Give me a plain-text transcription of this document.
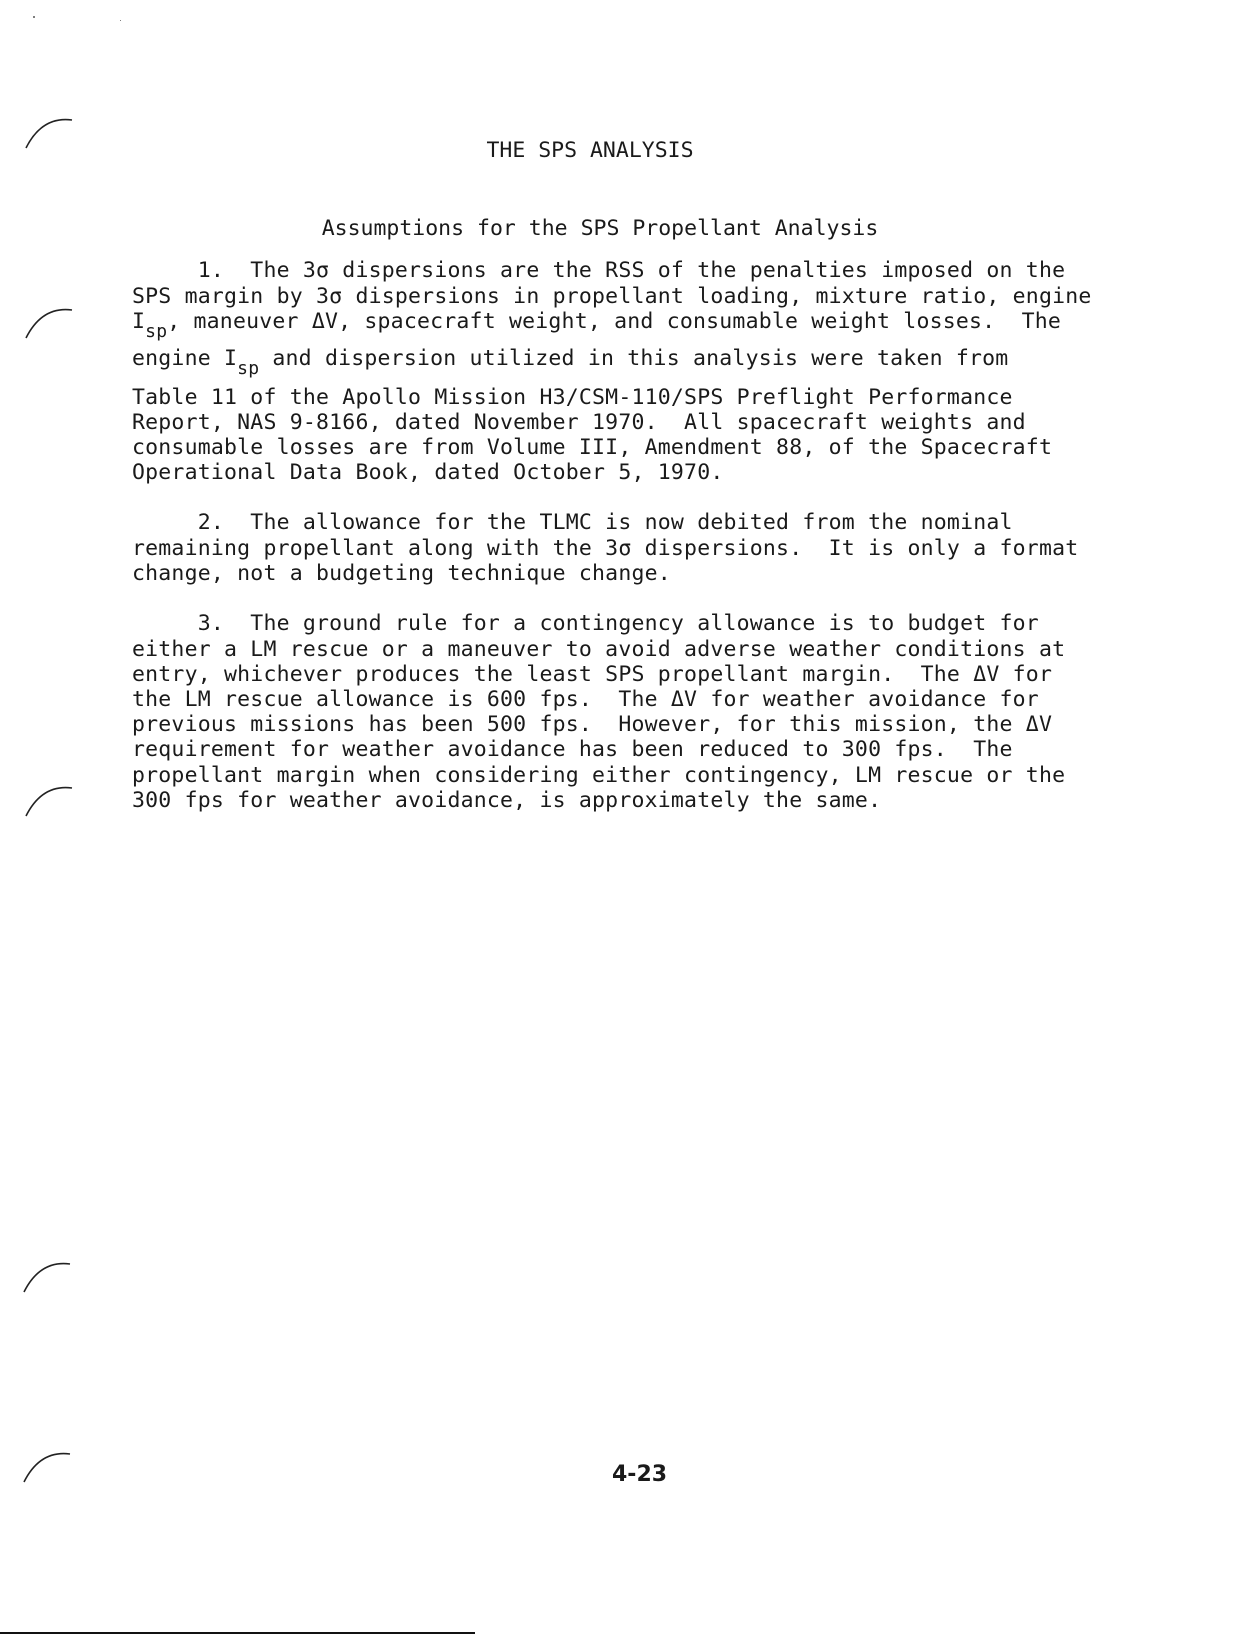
THE SPS ANALYSIS
Assumptions for the SPS Propellant Analysis
1.  The 3σ dispersions are the RSS of the penalties imposed on the
SPS margin by 3σ dispersions in propellant loading, mixture ratio, engine
$I_{sp}$, maneuver ΔV, spacecraft weight, and consumable weight losses.  The
engine $I_{sp}$ and dispersion utilized in this analysis were taken from
Table 11 of the Apollo Mission H3/CSM-110/SPS Preflight Performance
Report, NAS 9-8166, dated November 1970.  All spacecraft weights and
consumable losses are from Volume III, Amendment 88, of the Spacecraft
Operational Data Book, dated October 5, 1970.
2.  The allowance for the TLMC is now debited from the nominal
remaining propellant along with the 3σ dispersions.  It is only a format
change, not a budgeting technique change.
3.  The ground rule for a contingency allowance is to budget for
either a LM rescue or a maneuver to avoid adverse weather conditions at
entry, whichever produces the least SPS propellant margin.  The ΔV for
the LM rescue allowance is 600 fps.  The ΔV for weather avoidance for
previous missions has been 500 fps.  However, for this mission, the ΔV
requirement for weather avoidance has been reduced to 300 fps.  The
propellant margin when considering either contingency, LM rescue or the
300 fps for weather avoidance, is approximately the same.
4-23
